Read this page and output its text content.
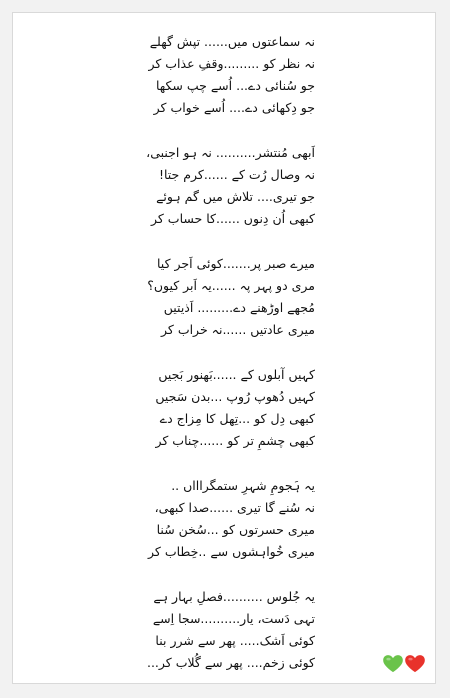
نہ سماعتوں میں...... تپش گھلے
نہ نظر کو .........وقفِ عذاب کر
جو سُنائی دے... اُسے چپ سکھا
جو دِکھائی دے.... اُسے خواب کر
اَبھی مُنتشر.......... نہ ہو اجنبی،
نہ وصال رُت کے ......کرم جتا!
جو تیری.... تلاش میں گم ہوئے
کبھی اُن دِنوں ......کا حساب کر
میرے صبر پر.......کوئی اَجر کیا
مری دو پہر پہ ......یہ اَبر کیوں؟
مُجھے اوڑھنے دے......... اَذیتیں
میری عادتیں ......نہ خراب کر
کہیں آبلوں کے ......بَھنور بَجیں
کہیں دُھوپ رُوپ ...بدن سَجیں
کبھی دِل کو ...تِھل کا مِزاج دے
کبھی چشمِ تر کو ......چناب کر
یہ ہَجومِ شہرِ ستمگراااں ..
نہ سُنے گا تیری ......صدا کبھی،
میری حسرتوں کو ...سُخن سُنا
میری خُواہشوں سے ..خِطاب کر
یہ جُلوس ..........فصلِ بہار ہے
تہی دَست، یار..........سجا اِسے
کوئی اَشک..... پھر سے شرر بنا
کوئی زخم.... پھر سے گُلاب کر...
